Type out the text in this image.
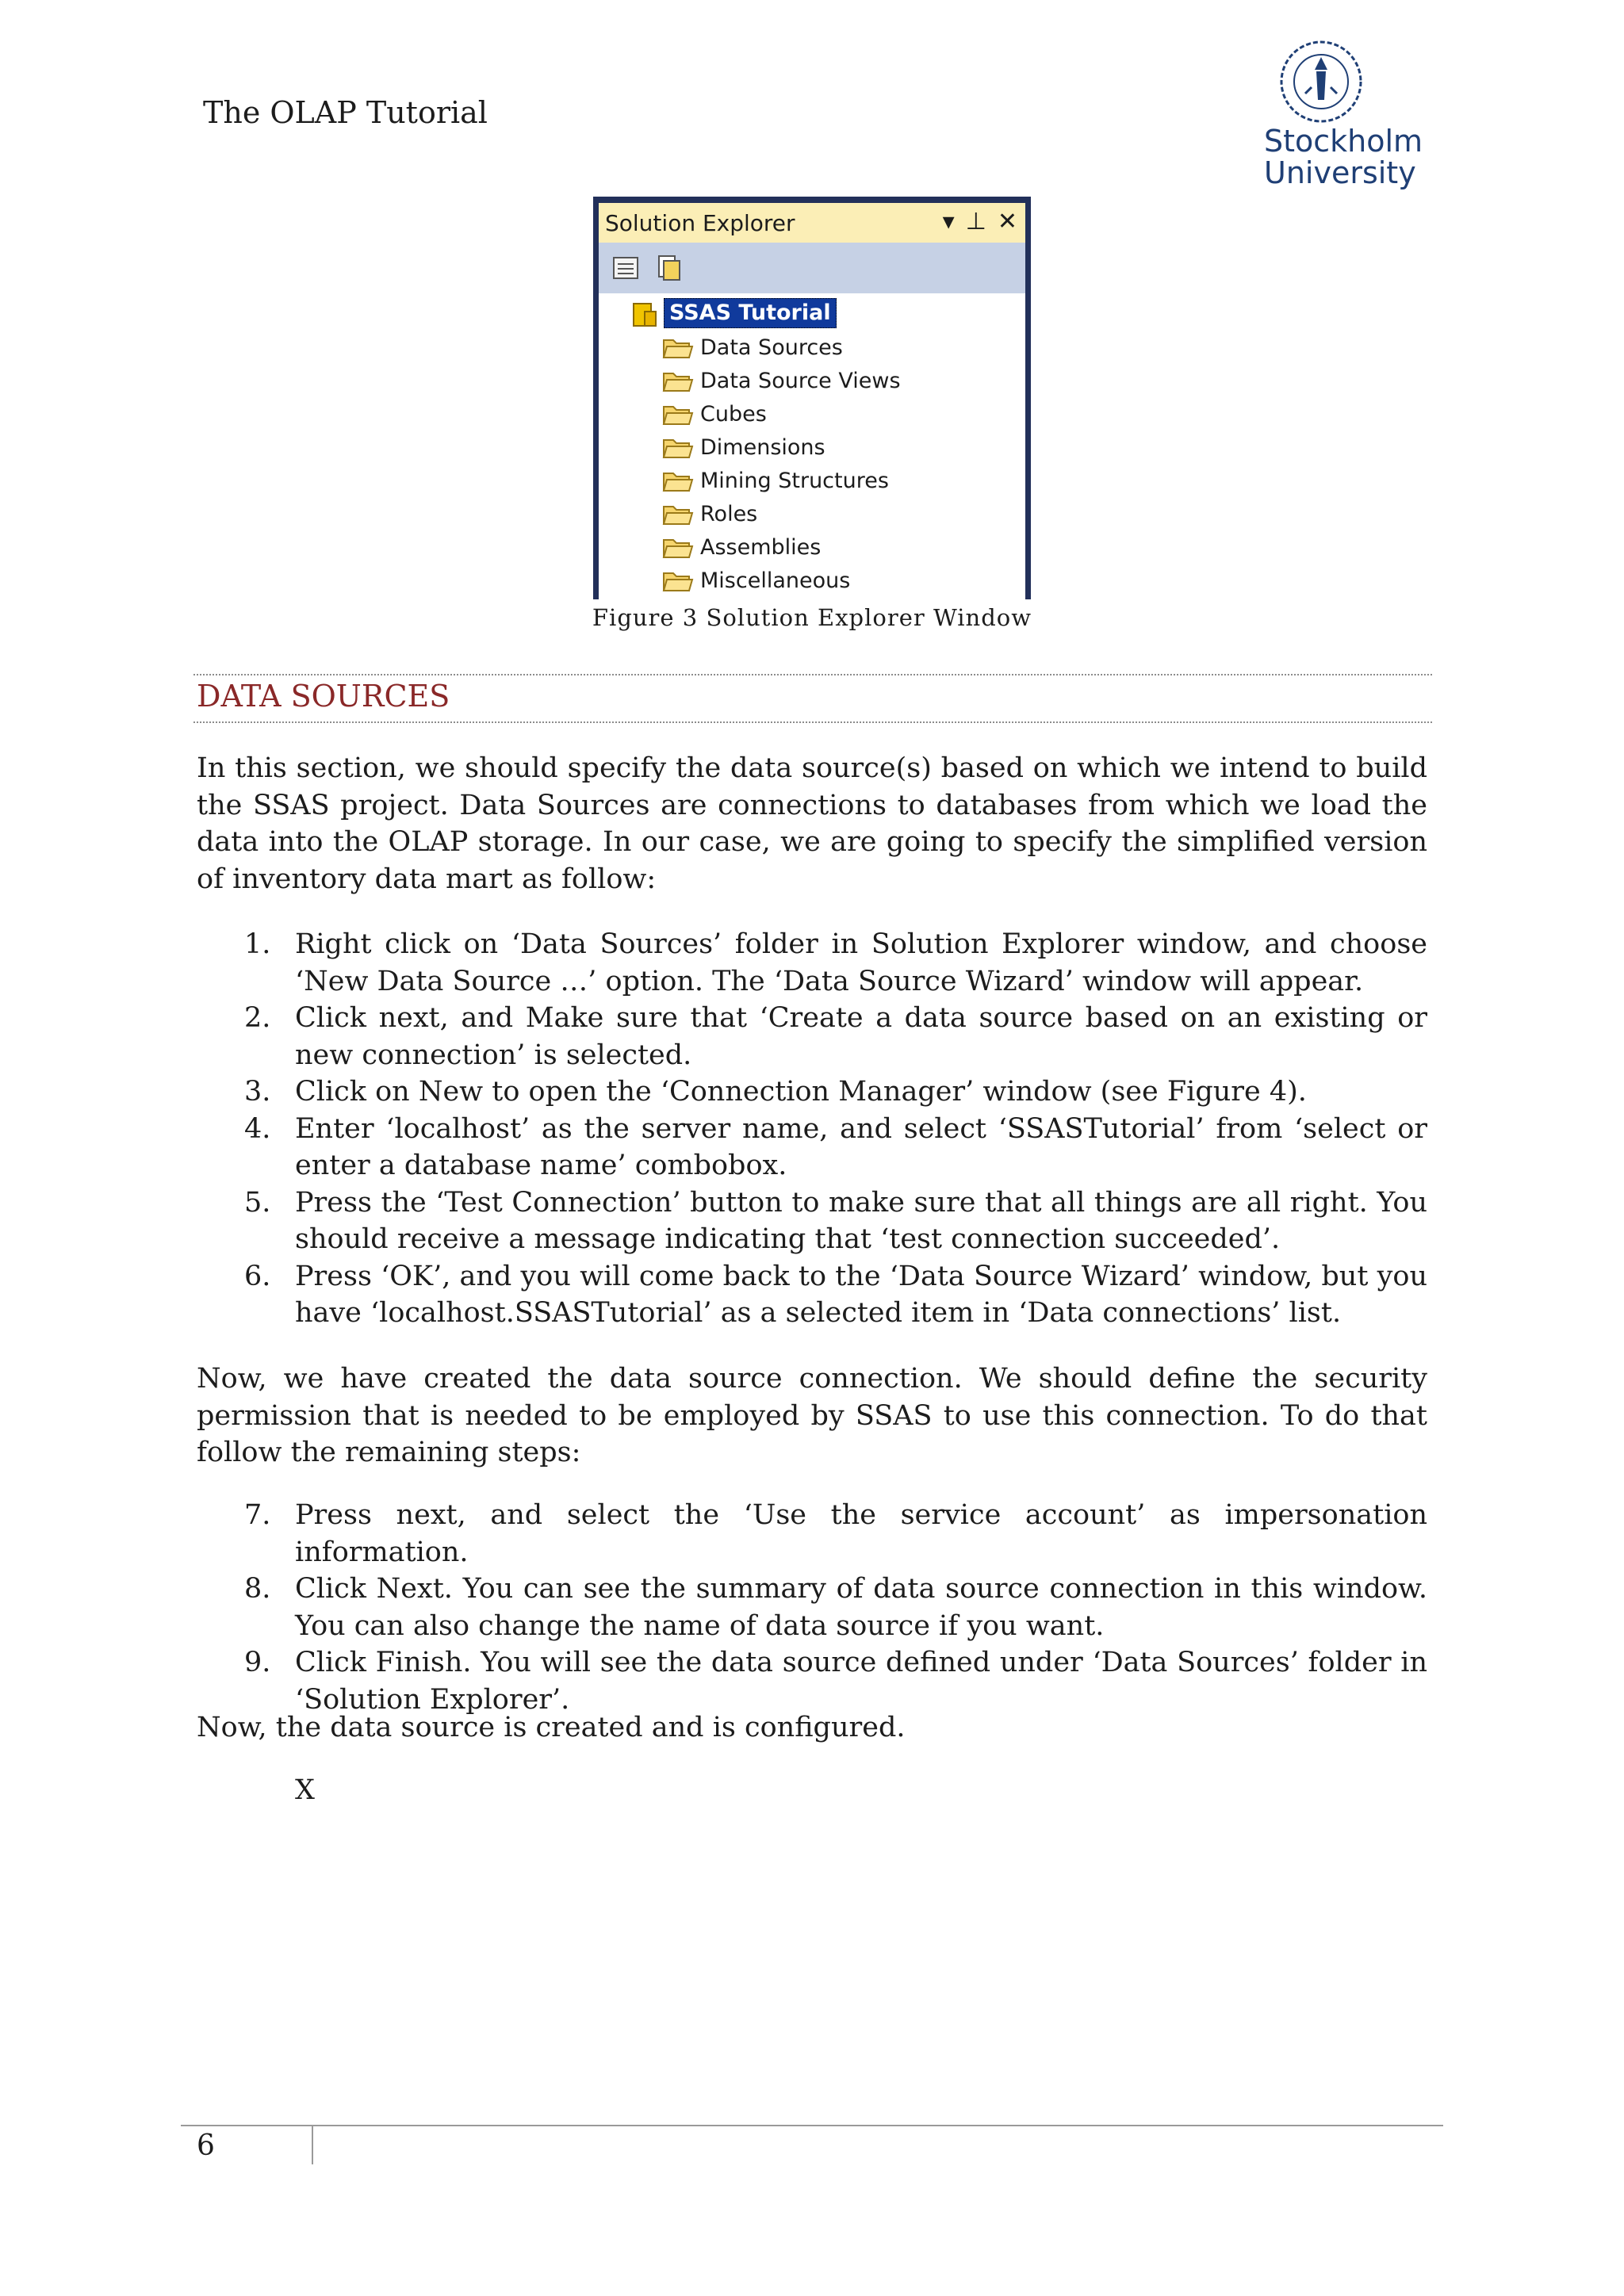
The OLAP Tutorial
Stockholm
University
Solution Explorer	▾ ⊥ ✕
SSAS Tutorial
Data Sources
Data Source Views
Cubes
Dimensions
Mining Structures
Roles
Assemblies
Miscellaneous
Figure 3 Solution Explorer Window
DATA SOURCES
In this section, we should specify the data source(s) based on which we intend to build the SSAS project. Data Sources are connections to databases from which we load the data into the OLAP storage. In our case, we are going to specify the simplified version of inventory data mart as follow:
1. Right click on ‘Data Sources’ folder in Solution Explorer window, and choose ‘New Data Source …’ option. The ‘Data Source Wizard’ window will appear.
2. Click next, and Make sure that ‘Create a data source based on an existing or new connection’ is selected.
3. Click on New to open the ‘Connection Manager’ window (see Figure 4).
4. Enter ‘localhost’ as the server name, and select ‘SSASTutorial’ from ‘select or enter a database name’ combobox.
5. Press the ‘Test Connection’ button to make sure that all things are all right. You should receive a message indicating that ‘test connection succeeded’.
6. Press ‘OK’, and you will come back to the ‘Data Source Wizard’ window, but you have ‘localhost.SSASTutorial’ as a selected item in ‘Data connections’ list.
Now, we have created the data source connection. We should define the security permission that is needed to be employed by SSAS to use this connection. To do that follow the remaining steps:
7. Press next, and select the ‘Use the service account’ as impersonation information.
8. Click Next. You can see the summary of data source connection in this window. You can also change the name of data source if you want.
9. Click Finish. You will see the data source defined under ‘Data Sources’ folder in ‘Solution Explorer’.
Now, the data source is created and is configured.
X
6
